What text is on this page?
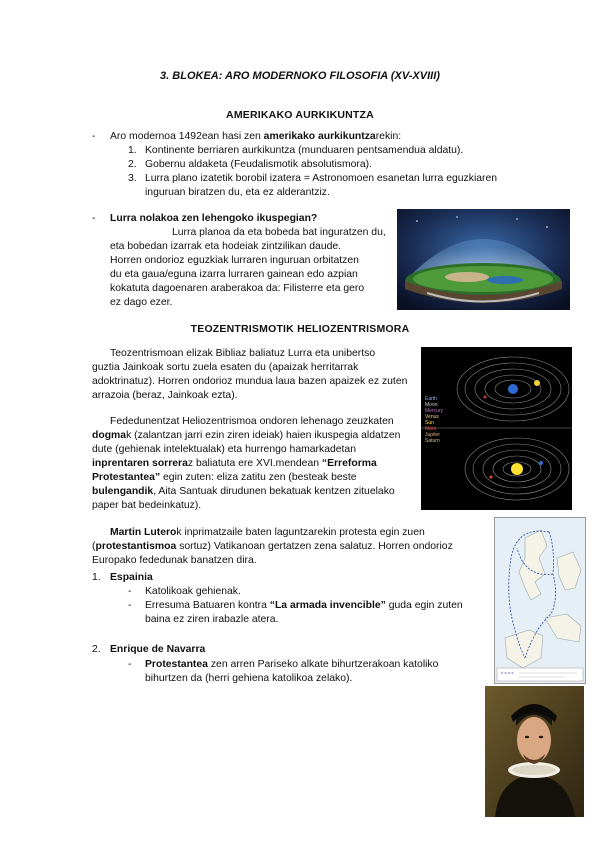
3. BLOKEA: ARO MODERNOKO FILOSOFIA (XV-XVIII)
AMERIKAKO AURKIKUNTZA
- Aro modernoa 1492ean hasi zen amerikako aurkikuntzarekin:
1. Kontinente berriaren aurkikuntza (munduaren pentsamendua aldatu).
2. Gobernu aldaketa (Feudalismotik absolutismora).
3. Lurra plano izatetik borobil izatera = Astronomoen esanetan lurra eguzkiaren
inguruan biratzen du, eta ez alderantziz.
- Lurra nolakoa zen lehengoko ikuspegian?
Lurra planoa da eta bobeda bat inguratzen du,
eta bobedan izarrak eta hodeiak zintzilikan daude.
Horren ondorioz eguzkiak lurraren inguruan orbitatzen
du eta gaua/eguna izarra lurraren gainean edo azpian
kokatuta dagoenaren araberakoa da: Filisterre eta gero
ez dago ezer.
TEOZENTRISMOTIK HELIOZENTRISMORA
Teozentrismoan elizak Bibliaz baliatuz Lurra eta unibertso
guztia Jainkoak sortu zuela esaten du (apaizak herritarrak
adoktrinatuz). Horren ondorioz mundua laua bazen apaizek ez zuten
arrazoia (beraz, Jainkoak ezta).
Fededunentzat Heliozentrismoa ondoren lehenago zeuzkaten
dogmak (zalantzan jarri ezin ziren ideiak) haien ikuspegia aldatzen
dute (gehienak intelektualak) eta hurrengo hamarkadetan
inprentaren sorreraz baliatuta ere XVI.mendean “Erreforma
Protestantea” egin zuten: eliza zatitu zen (besteak beste
bulengandik, Aita Santuak dirudunen bekatuak kentzen zituelako
paper bat bedeinkatuz).
Earth
Moon
Mercury
Venus
Sun
Mars
Jupiter
Saturn
Martin Luterok inprimatzaile baten laguntzarekin protesta egin zuen
(protestantismoa sortuz) Vatikanoan gertatzen zena salatuz. Horren ondorioz
Europako fededunak banatzen dira.
1. Espainia
- Katolikoak gehienak.
- Erresuma Batuaren kontra “La armada invencible” guda egin zuten
baina ez ziren irabazle atera.
2. Enrique de Navarra
- Protestantea zen arren Pariseko alkate bihurtzerakoan katoliko
bihurtzen da (herri gehiena katolikoa zelako).
